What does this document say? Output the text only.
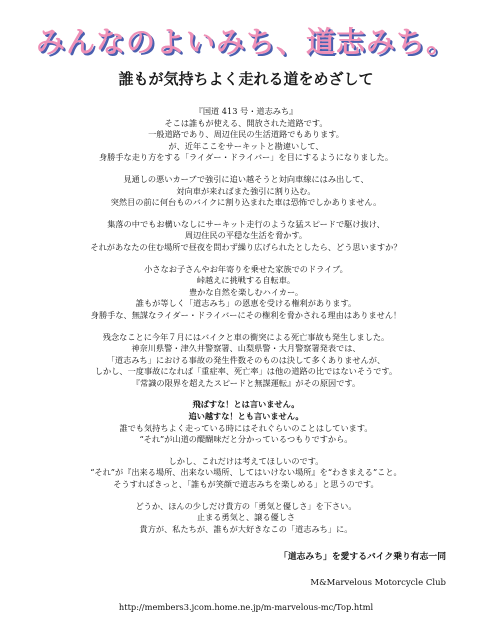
みんなのよいみち、道志みち。
誰もが気持ちよく走れる道をめざして
『国道 413 号・道志みち』
そこは誰もが使える、開放された道路です。
一般道路であり、周辺住民の生活道路でもあります。
が、近年ここをサーキットと勘違いして、
身勝手な走り方をする「ライダー・ドライバー」を目にするようになりました。
見通しの悪いカーブで強引に追い越そうと対向車線にはみ出して、
対向車が来ればまた強引に割り込む。
突然目の前に何台ものバイクに割り込まれた車は恐怖でしかありません。
集落の中でもお構いなしにサーキット走行のような猛スピードで駆け抜け、
周辺住民の平穏な生活を脅かす。
それがあなたの住む場所で昼夜を問わず繰り広げられたとしたら、どう思いますか？
小さなお子さんやお年寄りを乗せた家族でのドライブ。
峠越えに挑戦する自転車。
豊かな自然を楽しむハイカー。
誰もが等しく「道志みち」の恩恵を受ける権利があります。
身勝手な、無謀なライダー・ドライバーにその権利を脅かされる理由はありません！
残念なことに今年７月にはバイクと車の衝突による死亡事故も発生しました。
神奈川県警・津久井警察署、山梨県警・大月警察署発表では、
「道志みち」における事故の発生件数そのものは決して多くありませんが、
しかし、一度事故になれば「重症率、死亡率」は他の道路の比ではないそうです。
『常識の限界を超えたスピードと無謀運転』がその原因です。
飛ばすな！とは言いません。
追い越すな！とも言いません。
誰でも気持ちよく走っている時にはそれぐらいのことはしています。
“それ”が山道の醍醐味だと分かっているつもりですから。
しかし、これだけは考えてほしいのです。
“それ”が『出来る場所、出来ない場所、してはいけない場所』を“わきまえる”こと。
そうすればきっと、「誰もが笑顔で道志みちを楽しめる」と思うのです。
どうか、ほんの少しだけ貴方の「勇気と優しさ」を下さい。
止まる勇気と、譲る優しさ
貴方が、私たちが、誰もが大好きなこの「道志みち」に。
「道志みち」を愛するバイク乗り有志一同
M&Marvelous Motorcycle Club
http://members3.jcom.home.ne.jp/m-marvelous-mc/Top.html
